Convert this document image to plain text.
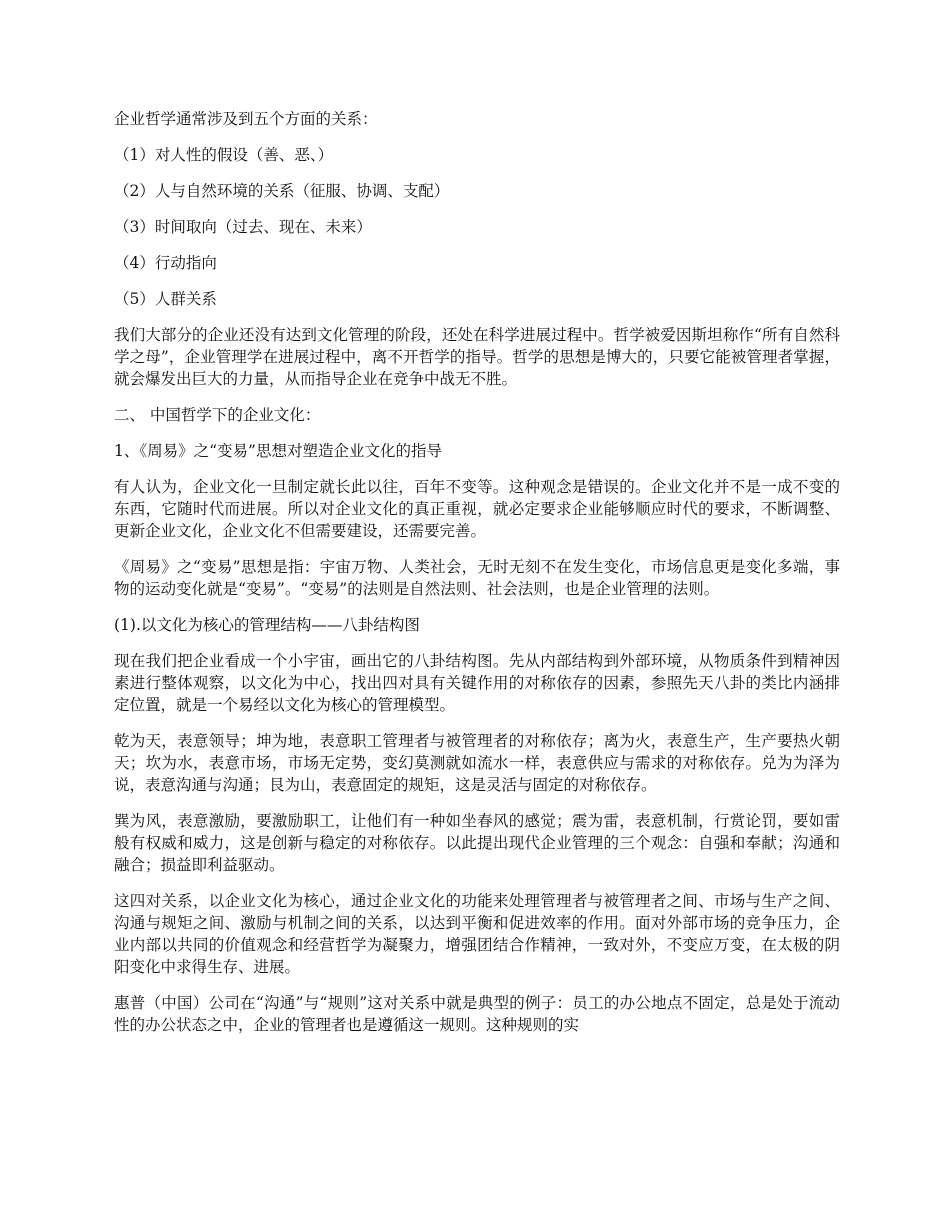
企业哲学通常涉及到五个方面的关系：
（1）对人性的假设（善、恶、）
（2）人与自然环境的关系（征服、协调、支配）
（3）时间取向（过去、现在、未来）
（4）行动指向
（5）人群关系

我们大部分的企业还没有达到文化管理的阶段，还处在科学进展过程中。哲学被爱因斯坦称作“所有自然科学之母”，企业管理学在进展过程中，离不开哲学的指导。哲学的思想是博大的，只要它能被管理者掌握，就会爆发出巨大的力量，从而指导企业在竞争中战无不胜。

二、 中国哲学下的企业文化：
1、《周易》之“变易”思想对塑造企业文化的指导

有人认为，企业文化一旦制定就长此以往，百年不变等。这种观念是错误的。企业文化并不是一成不变的东西，它随时代而进展。所以对企业文化的真正重视，就必定要求企业能够顺应时代的要求，不断调整、更新企业文化，企业文化不但需要建设，还需要完善。

《周易》之“变易”思想是指：宇宙万物、人类社会，无时无刻不在发生变化，市场信息更是变化多端，事物的运动变化就是“变易”。“变易”的法则是自然法则、社会法则，也是企业管理的法则。

(1).以文化为核心的管理结构——八卦结构图

现在我们把企业看成一个小宇宙，画出它的八卦结构图。先从内部结构到外部环境，从物质条件到精神因素进行整体观察，以文化为中心，找出四对具有关键作用的对称依存的因素，参照先天八卦的类比内涵排定位置，就是一个易经以文化为核心的管理模型。

乾为天，表意领导；坤为地，表意职工管理者与被管理者的对称依存；离为火，表意生产，生产要热火朝天；坎为水，表意市场，市场无定势，变幻莫测就如流水一样，表意供应与需求的对称依存。兑为为泽为说，表意沟通与沟通；艮为山，表意固定的规矩，这是灵活与固定的对称依存。

巽为风，表意激励，要激励职工，让他们有一种如坐春风的感觉；震为雷，表意机制，行赏论罚，要如雷般有权威和威力，这是创新与稳定的对称依存。以此提出现代企业管理的三个观念：自强和奉献；沟通和融合；损益即利益驱动。

这四对关系，以企业文化为核心，通过企业文化的功能来处理管理者与被管理者之间、市场与生产之间、沟通与规矩之间、激励与机制之间的关系，以达到平衡和促进效率的作用。面对外部市场的竞争压力，企业内部以共同的价值观念和经营哲学为凝聚力，增强团结合作精神，一致对外，不变应万变，在太极的阴阳变化中求得生存、进展。

惠普（中国）公司在“沟通”与“规则”这对关系中就是典型的例子：员工的办公地点不固定，总是处于流动性的办公状态之中，企业的管理者也是遵循这一规则。这种规则的实
